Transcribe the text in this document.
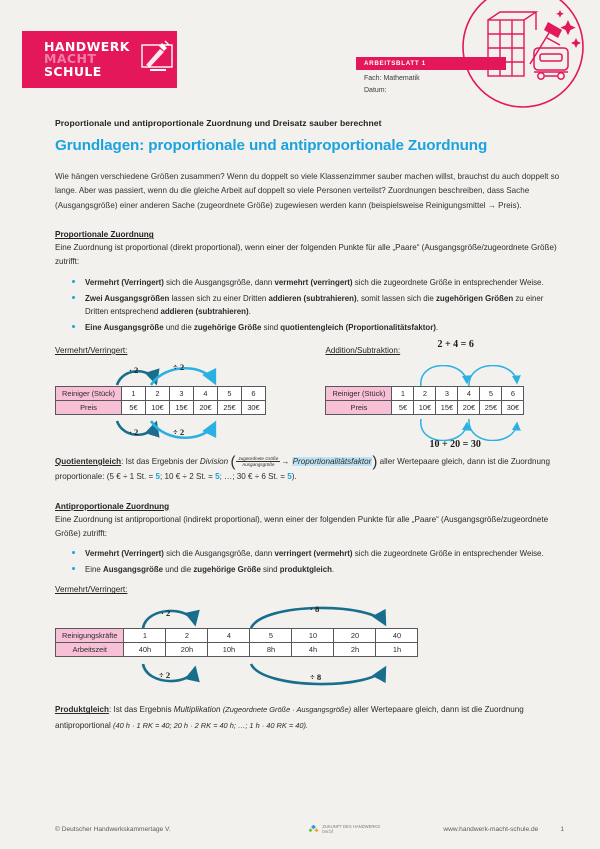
HANDWERK
MACHT
SCHULE
ARBEITSBLATT 1
Fach: Mathematik
Datum:
Proportionale und antiproportionale Zuordnung und Dreisatz sauber berechnet
Grundlagen: proportionale und antiproportionale Zuordnung

Wie hängen verschiedene Größen zusammen? Wenn du doppelt so viele Klassenzimmer sauber machen willst, brauchst du auch doppelt so lange. Aber was passiert, wenn du die gleiche Arbeit auf doppelt so viele Personen verteilst? Zuordnungen beschreiben, dass Sache (Ausgangsgröße) einer anderen Sache (zugeordnete Größe) zugewiesen werden kann (beispielsweise Reinigungsmittel → Preis).

Proportionale Zuordnung
Eine Zuordnung ist proportional (direkt proportional), wenn einer der folgenden Punkte für alle „Paare“ (Ausgangsgröße/zugeordnete Größe) zutrifft:
Vermehrt (Verringert) sich die Ausgangsgröße, dann vermehrt (verringert) sich die zugeordnete Größe in entsprechender Weise.
Zwei Ausgangsgrößen lassen sich zu einer Dritten addieren (subtrahieren), somit lassen sich die zugehörigen Größen zu einer Dritten entsprechend addieren (subtrahieren).
Eine Ausgangsgröße und die zugehörige Größe sind quotientengleich (Proportionalitätsfaktor).
Vermehrt/Verringert:
· 2	÷ 2
· 2	÷ 2
Reiniger (Stück)	1	2	3	4	5	6
Preis	5€	10€	15€	20€	25€	30€
Addition/Subtraktion:
2 + 4 = 6
10 + 20 = 30
Reiniger (Stück)	1	2	3	4	5	6
Preis	5€	10€	15€	20€	25€	30€
Quotientengleich: Ist das Ergebnis der Division ( $\frac{\text{zugeordnete Größe}}{\text{Ausgangsgröße}}$ → Proportionalitätsfaktor) aller Wertepaare gleich, dann ist die Zuordnung proportionale: (5 € ÷ 1 St. = 5; 10 € ÷ 2 St. = 5; …; 30 € ÷ 6 St. = 5).
Antiproportionale Zuordnung
Eine Zuordnung ist antiproportional (indirekt proportional), wenn einer der folgenden Punkte für alle „Paare“ (Ausgangsgröße/zugeordnete Größe) zutrifft:
Vermehrt (Verringert) sich die Ausgangsgröße, dann verringert (vermehrt) sich die zugeordnete Größe in entsprechender Weise.
Eine Ausgangsgröße und die zugehörige Größe sind produktgleich.
Vermehrt/Verringert:
· 2
÷ 2
· 8
÷ 8
Reinigungskräfte	1	2	4	5	10	20	40
Arbeitszeit	40h	20h	10h	8h	4h	2h	1h
Produktgleich: Ist das Ergebnis Multiplikation (Zugeordnete Größe · Ausgangsgröße) aller Wertepaare gleich, dann ist die Zuordnung antiproportional (40 h · 1 RK = 40; 20 h · 2 RK = 40 h; …; 1 h · 40 RK = 40).
© Deutscher Handwerkskammertage V.	ZUKUNFT DES HANDWERKS
bm:bf	www.handwerk-macht-schule.de	1
